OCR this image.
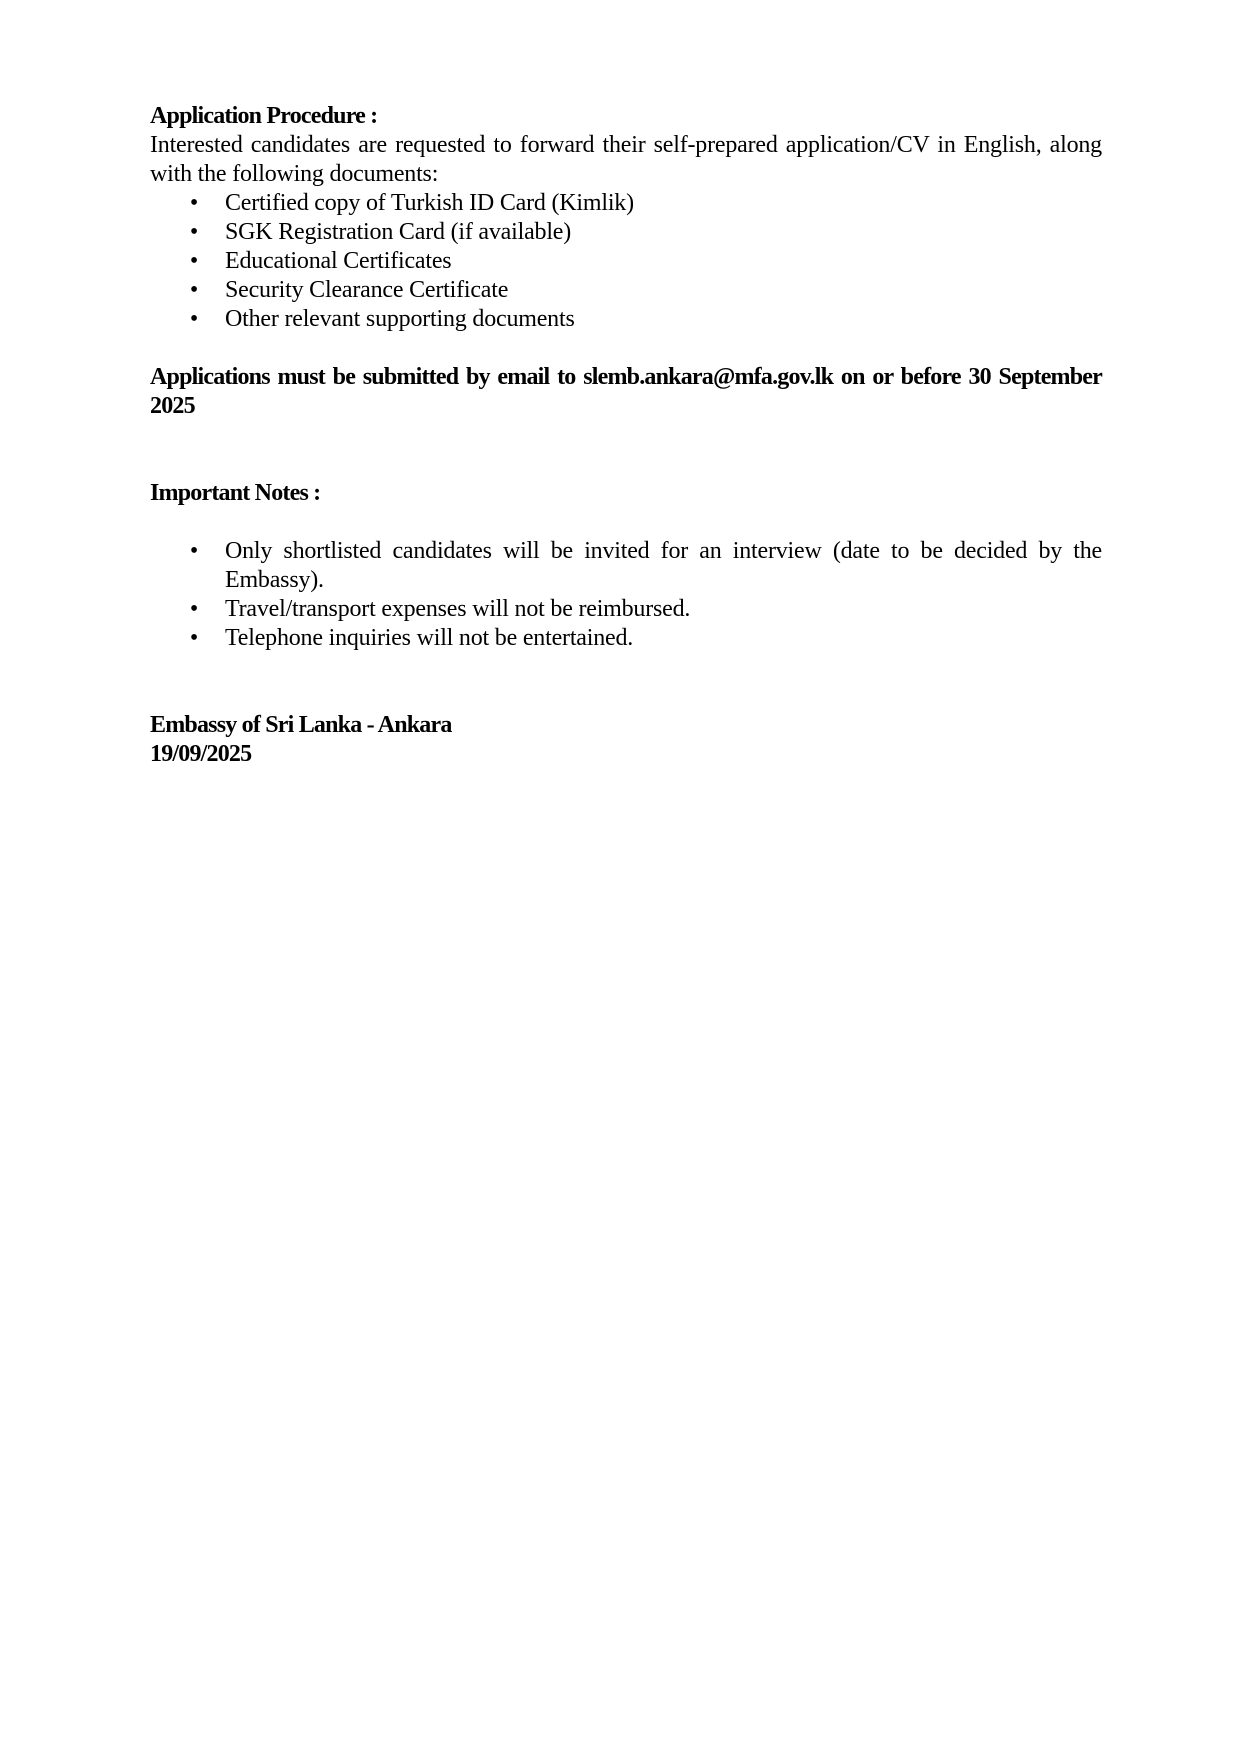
Application Procedure :

Interested candidates are requested to forward their self-prepared application/CV in English, along with the following documents:

• Certified copy of Turkish ID Card (Kimlik)
• SGK Registration Card (if available)
• Educational Certificates
• Security Clearance Certificate
• Other relevant supporting documents

Applications must be submitted by email to slemb.ankara@mfa.gov.lk on or before 30 September 2025

Important Notes :
• Only shortlisted candidates will be invited for an interview (date to be decided by the Embassy).
• Travel/transport expenses will not be reimbursed.
• Telephone inquiries will not be entertained.
Embassy of Sri Lanka - Ankara
19/09/2025
